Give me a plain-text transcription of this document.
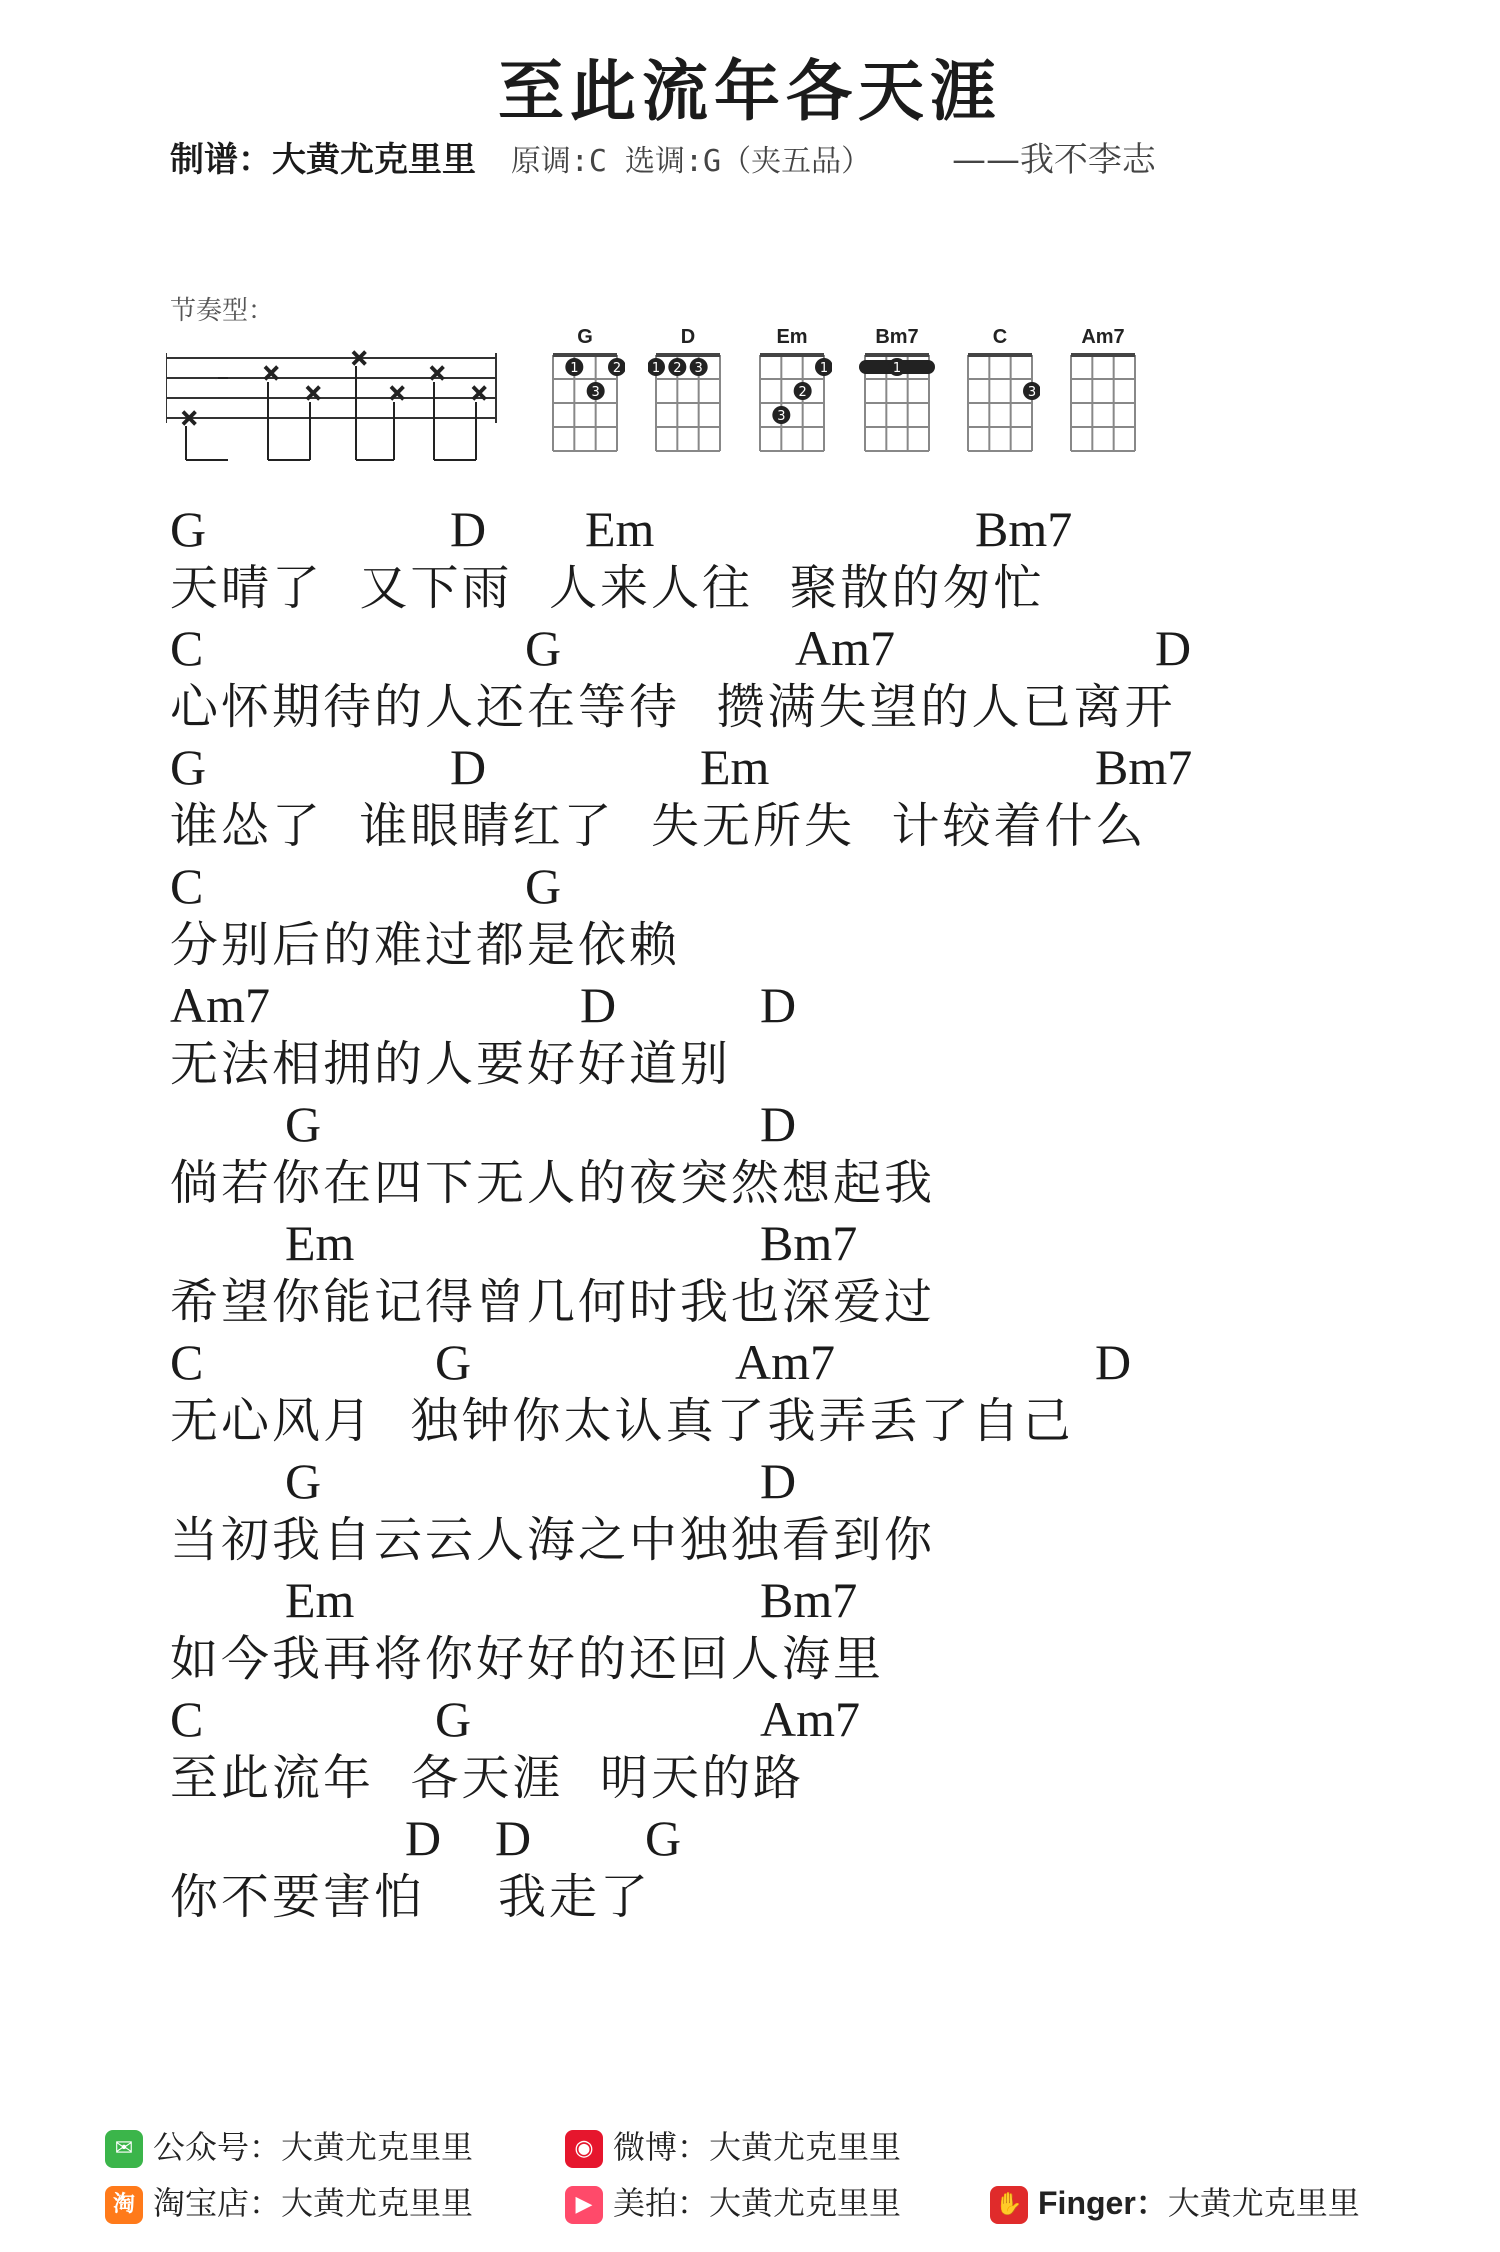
至此流年各天涯
制谱：大黄尤克里里 原调:C 选调:G（夹五品） ——我不李志
节奏型：
×
×
×
×
×
×
×
G
1
3
2
D
1 2 3
Em
3
2
1
Bm7
1
C
3
Am7
G	D Em	Bm7
天晴了  又下雨  人来人往  聚散的匆忙
C	G	Am7	D
心怀期待的人还在等待  攒满失望的人已离开
G	D	Em	Bm7
谁怂了  谁眼睛红了  失无所失  计较着什么
C	G
分别后的难过都是依赖
Am7	D	D
无法相拥的人要好好道别
G	D
倘若你在四下无人的夜突然想起我
Em	Bm7
希望你能记得曾几何时我也深爱过
C	G	Am7	D
无心风月  独钟你太认真了我弄丢了自己
G	D
当初我自云云人海之中独独看到你
Em	Bm7
如今我再将你好好的还回人海里
C	G	Am7
至此流年  各天涯  明天的路
D D G
你不要害怕    我走了
✉ 公众号：大黄尤克里里	◉ 微博：大黄尤克里里
淘 淘宝店：大黄尤克里里	▶ 美拍：大黄尤克里里	✋ Finger：大黄尤克里里
